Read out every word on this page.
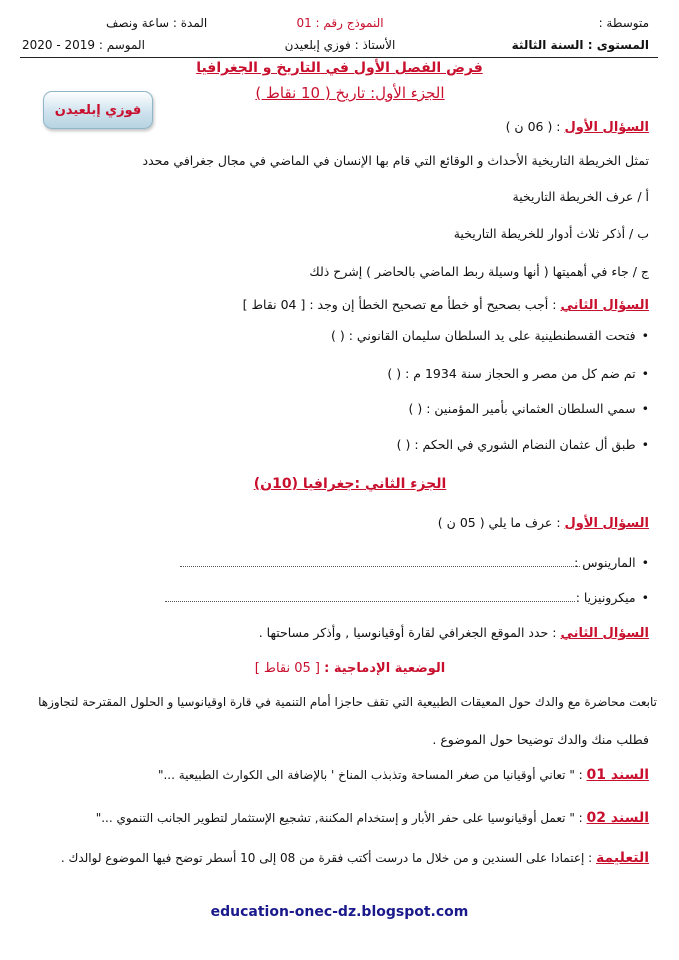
متوسطة :
المستوى : السنة الثالثة
النموذج رقم : 01
الأستاذ : فوزي إبلعيدن
المدة : ساعة ونصف
الموسم : 2019 - 2020
فرض الفصل الأول في التاريخ و الجغرافيا
فوزي إبلعيدن
الجزء الأول: تاريخ ( 10 نقاط )
السؤال الأول : ( 06 ن )
تمثل الخريطة التاريخية الأحداث و الوقائع التي قام بها الإنسان في الماضي في مجال جغرافي محدد
أ / عرف الخريطة التاريخية
ب / أذكر ثلاث أدوار للخريطة التاريخية
ج / جاء في أهميتها ( أنها وسيلة ربط الماضي بالحاضر ) إشرح ذلك
السؤال الثاني : أجب بصحيح أو خطأ مع تصحيح الخطأ إن وجد : [ 04 نقاط ]
• فتحت القسطنطينية على يد السلطان سليمان القانوني : ( )
• تم ضم كل من مصر و الحجاز سنة 1934 م : ( )
• سمي السلطان العثماني بأمير المؤمنين : ( )
• طبق أل عثمان النضام الشوري في الحكم : ( )
الجزء الثاني :جغرافيا (10ن)
السؤال الأول : عرف ما يلي ( 05 ن )
• المارينوس :
• ميكرونيزيا :
السؤال الثاني : حدد الموقع الجغرافي لقارة أوقيانوسيا , وأذكر مساحتها .
الوضعية الإدماجية : [ 05 نقاط ]
تابعت محاضرة مع والدك حول المعيقات الطبيعية التي تقف حاجزا أمام التنمية في قارة اوقيانوسيا و الحلول المقترحة لتجاوزها
فطلب منك والدك توضيحا حول الموضوع .
السند 01 : " تعاني أوقيانيا من صغر المساحة وتذبذب المناخ ' بالإضافة الى الكوارث الطبيعية ..."
السند 02 : " تعمل أوقيانوسيا على حفر الأبار و إستخدام المكننة, تشجيع الإستثمار لتطوير الجانب التنموي ..."
التعليمة : إعتمادا على السندين و من خلال ما درست أكتب فقرة من 08 إلى 10 أسطر توضح فيها الموضوع لوالدك .
education-onec-dz.blogspot.com
